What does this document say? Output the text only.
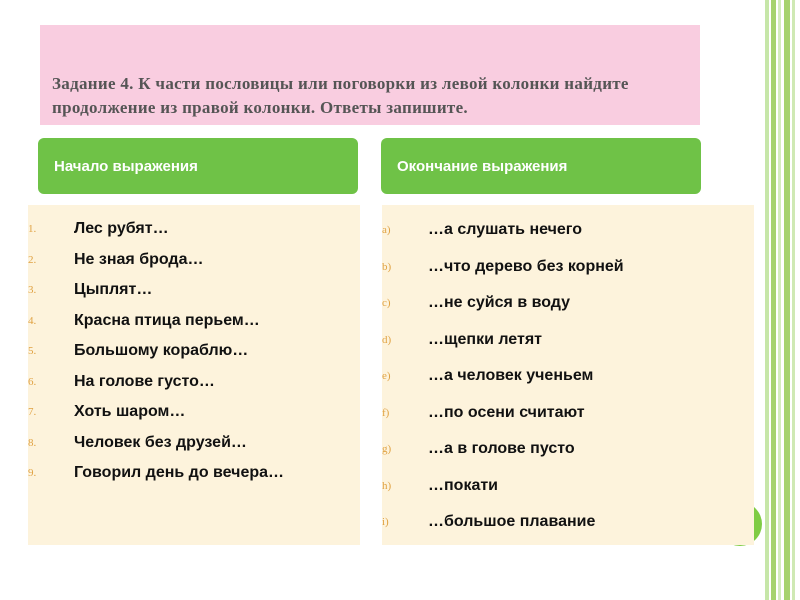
Задание 4. К части пословицы или поговорки из левой колонки найдите продолжение из правой колонки. Ответы запишите.
Начало выражения	Окончание выражения
1.	Лес рубят…
2.	Не зная брода…
3.	Цыплят…
4.	Красна птица перьем…
5.	Большому кораблю…
6.	На голове густо…
7.	Хоть шаром…
8.	Человек без друзей…
9.	Говорил день до вечера…
a)	…а слушать нечего
b)	…что дерево без корней
c)	…не суйся в воду
d)	…щепки летят
e)	…а человек ученьем
f)	…по осени считают
g)	…а в голове пусто
h)	…покати
i)	…большое плавание
